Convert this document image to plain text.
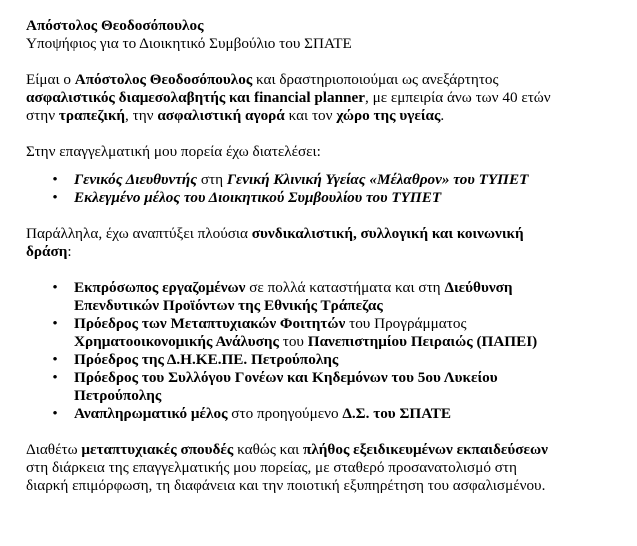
Απόστολος Θεοδοσόπουλος

Υποψήφιος για το Διοικητικό Συμβούλιο του ΣΠΑΤΕ

Είμαι ο Απόστολος Θεοδοσόπουλος και δραστηριοποιούμαι ως ανεξάρτητος
ασφαλιστικός διαμεσολαβητής και financial planner, με εμπειρία άνω των 40 ετών
στην τραπεζική, την ασφαλιστική αγορά και τον χώρο της υγείας.

Στην επαγγελματική μου πορεία έχω διατελέσει:

• Γενικός Διευθυντής στη Γενική Κλινική Υγείας «Μέλαθρον» του ΤΥΠΕΤ
• Εκλεγμένο μέλος του Διοικητικού Συμβουλίου του ΤΥΠΕΤ

Παράλληλα, έχω αναπτύξει πλούσια συνδικαλιστική, συλλογική και κοινωνική
δράση:

• Εκπρόσωπος εργαζομένων σε πολλά καταστήματα και στη Διεύθυνση
Επενδυτικών Προϊόντων της Εθνικής Τράπεζας
• Πρόεδρος των Μεταπτυχιακών Φοιτητών του Προγράμματος
Χρηματοοικονομικής Ανάλυσης του Πανεπιστημίου Πειραιώς (ΠΑΠΕΙ)
• Πρόεδρος της Δ.Η.ΚΕ.ΠΕ. Πετρούπολης
• Πρόεδρος του Συλλόγου Γονέων και Κηδεμόνων του 5ου Λυκείου
Πετρούπολης
• Αναπληρωματικό μέλος στο προηγούμενο Δ.Σ. του ΣΠΑΤΕ

Διαθέτω μεταπτυχιακές σπουδές καθώς και πλήθος εξειδικευμένων εκπαιδεύσεων
στη διάρκεια της επαγγελματικής μου πορείας, με σταθερό προσανατολισμό στη
διαρκή επιμόρφωση, τη διαφάνεια και την ποιοτική εξυπηρέτηση του ασφαλισμένου.
